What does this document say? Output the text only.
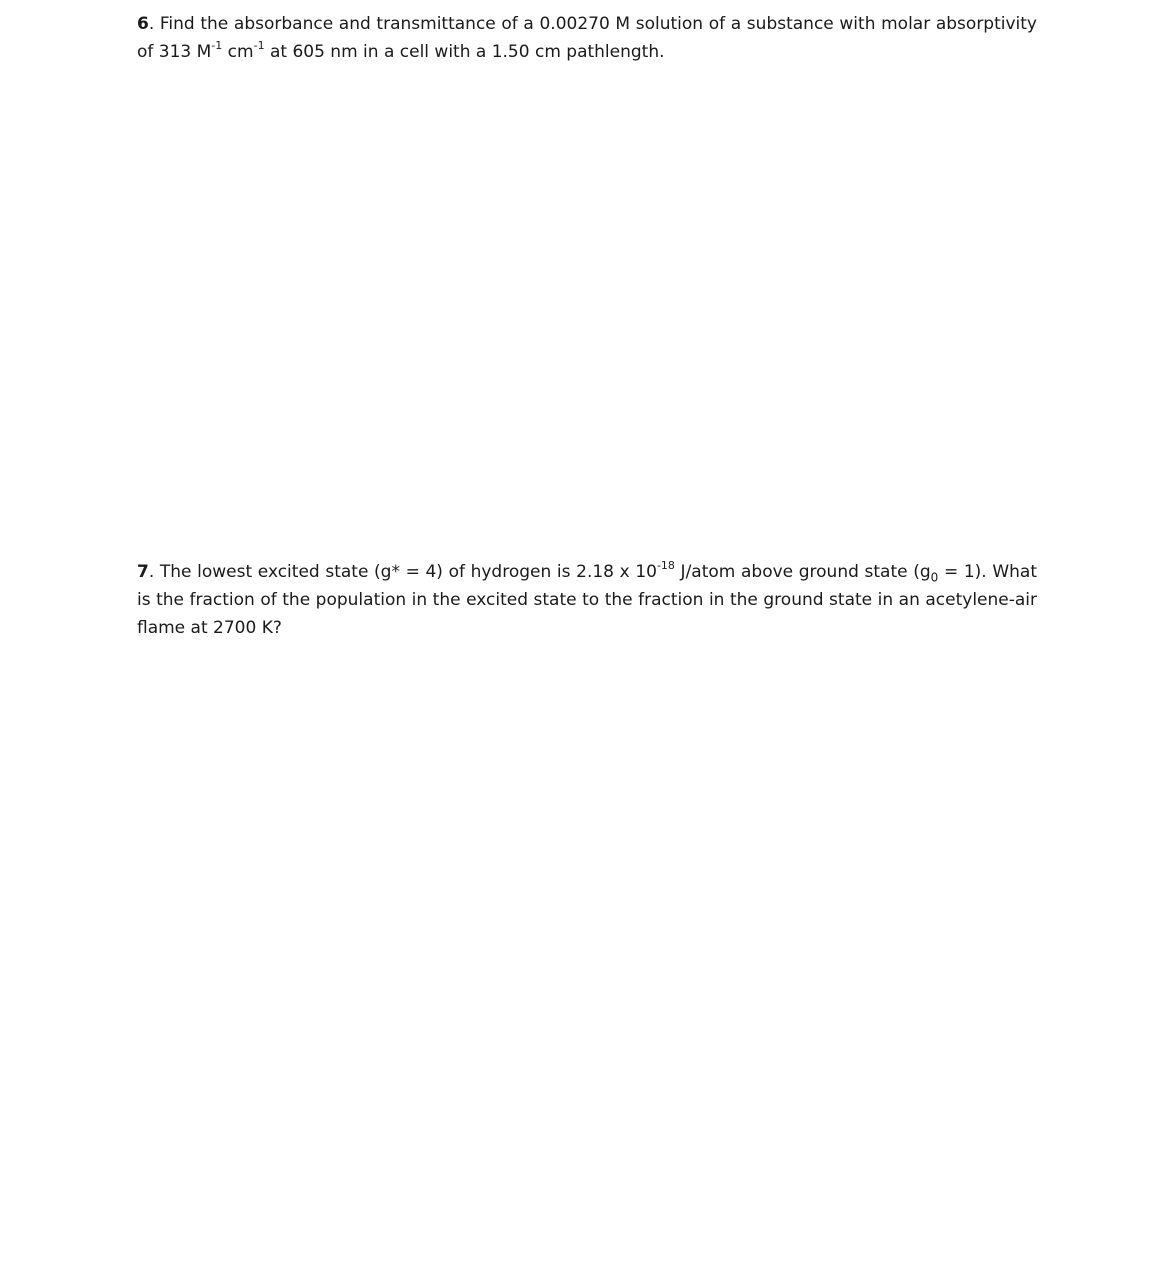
6. Find the absorbance and transmittance of a 0.00270 M solution of a substance with molar absorptivity of 313 $M^{-1}$ $cm^{-1}$ at 605 nm in a cell with a 1.50 cm pathlength.
7. The lowest excited state (g* = 4) of hydrogen is 2.18 x $10^{-18}$ J/atom above ground state $(g_0 = 1)$. What is the fraction of the population in the excited state to the fraction in the ground state in an acetylene-air flame at 2700 K?
